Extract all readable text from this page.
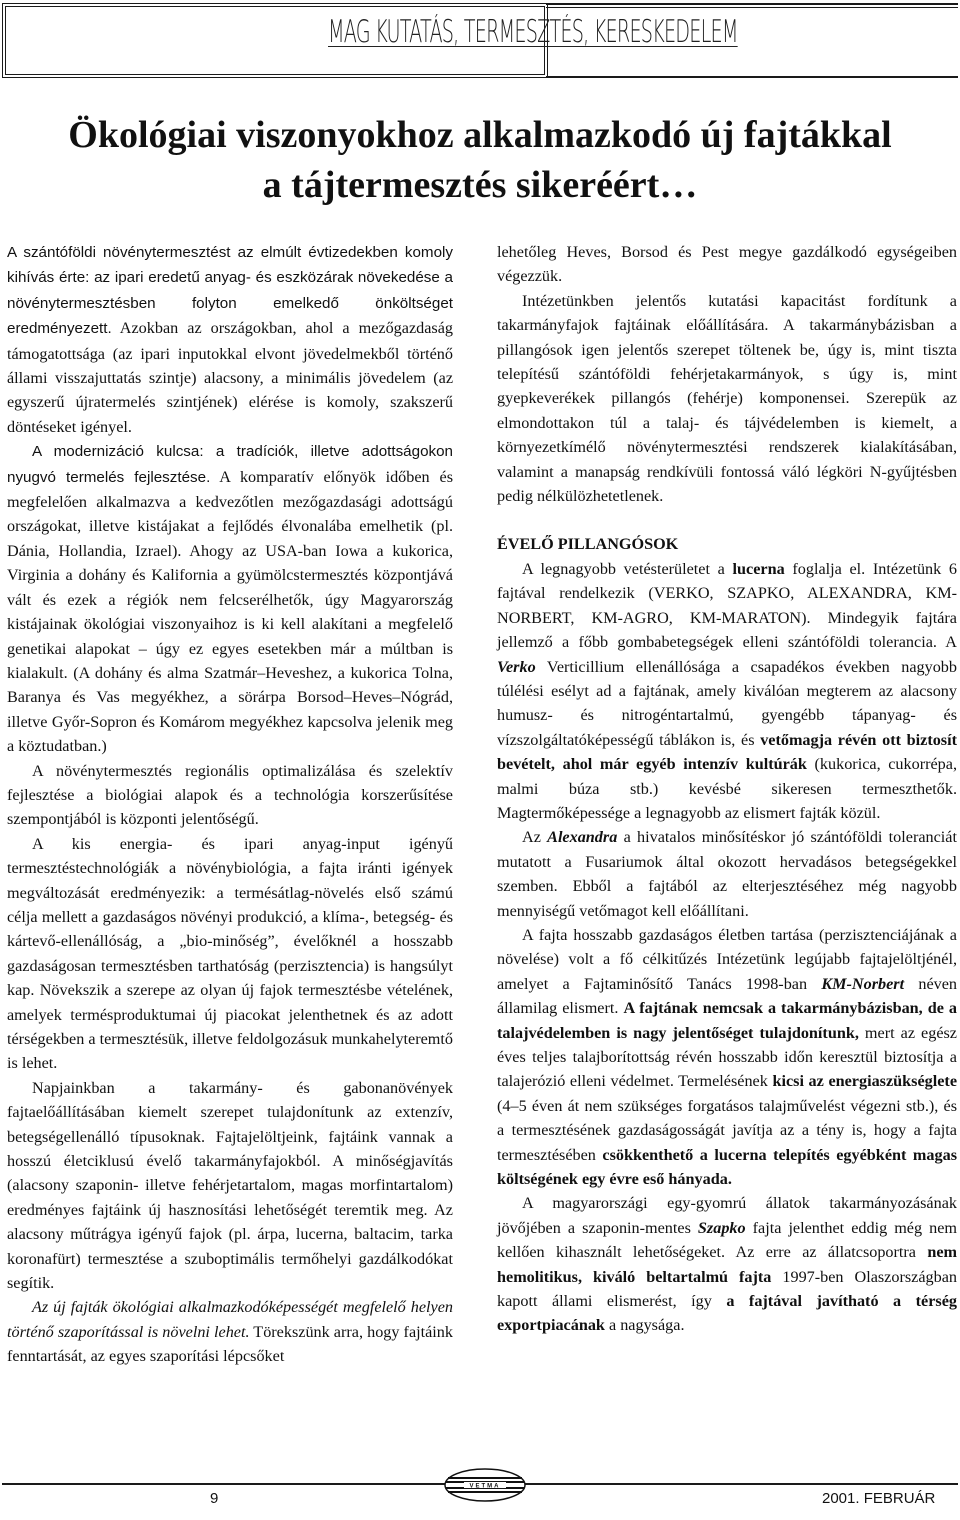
MAG KUTATÁS, TERMESZTÉS, KERESKEDELEM
Ökológiai viszonyokhoz alkalmazkodó új fajtákkal
a tájtermesztés sikeréért…

A szántóföldi növénytermesztést az elmúlt évtizedekben komoly kihívás érte: az ipari eredetű anyag- és eszközárak növekedése a növénytermesztésben folyton emelkedő önköltséget eredményezett. Azokban az országokban, ahol a mezőgazdaság támogatottsága (az ipari inputokkal elvont jövedelmekből történő állami visszajuttatás szintje) alacsony, a minimális jövedelem (az egyszerű újratermelés szintjének) elérése is komoly, szakszerű döntéseket igényel.

A modernizáció kulcsa: a tradíciók, illetve adottságokon nyugvó termelés fejlesztése. A komparatív előnyök időben és megfelelően alkalmazva a kedvezőtlen mezőgazdasági adottságú országokat, illetve kistájakat a fejlődés élvonalába emelhetik (pl. Dánia, Hollandia, Izrael). Ahogy az USA-ban Iowa a kukorica, Virginia a dohány és Kalifornia a gyümölcstermesztés központjává vált és ezek a régiók nem felcserélhetők, úgy Magyarország kistájainak ökológiai viszonyaihoz is ki kell alakítani a megfelelő genetikai alapokat – úgy ez egyes esetekben már a múltban is kialakult. (A dohány és alma Szatmár–Heveshez, a kukorica Tolna, Baranya és Vas megyékhez, a sörárpa Borsod–Heves–Nógrád, illetve Győr-Sopron és Komárom megyékhez kapcsolva jelenik meg a köztudatban.)

A növénytermesztés regionális optimalizálása és szelektív fejlesztése a biológiai alapok és a technológia korszerűsítése szempontjából is központi jelentőségű.

A kis energia- és ipari anyag-input igényű termesztéstechnológiák a növénybiológia, a fajta iránti igények megváltozását eredményezik: a termésátlag-növelés első számú célja mellett a gazdaságos növényi produkció, a klíma-, betegség- és kártevő-ellenállóság, a „bio-minőség”, évelőknél a hosszabb gazdaságosan termesztésben tarthatóság (perzisztencia) is hangsúlyt kap. Növekszik a szerepe az olyan új fajok termesztésbe vételének, amelyek termésproduktumai új piacokat jelenthetnek és az adott térségekben a termesztésük, illetve feldolgozásuk munkahelyteremtő is lehet.

Napjainkban a takarmány- és gabonanövények fajtaelőállításában kiemelt szerepet tulajdonítunk az extenzív, betegségellenálló típusoknak. Fajtajelöltjeink, fajtáink vannak a hosszú életciklusú évelő takarmányfajokból. A minőségjavítás (alacsony szaponin- illetve fehérjetartalom, magas morfintartalom) eredményes fajtáink új hasznosítási lehetőségét teremtik meg. Az alacsony műtrágya igényű fajok (pl. árpa, lucerna, baltacim, tarka koronafürt) termesztése a szuboptimális termőhelyi gazdálkodókat segítik.

Az új fajták ökológiai alkalmazkodóképességét megfelelő helyen történő szaporítással is növelni lehet. Törekszünk arra, hogy fajtáink fenntartását, az egyes szaporítási lépcsőket

lehetőleg Heves, Borsod és Pest megye gazdálkodó egységeiben végezzük.

Intézetünkben jelentős kutatási kapacitást fordítunk a takarmányfajok fajtáinak előállítására. A takarmánybázisban a pillangósok igen jelentős szerepet töltenek be, úgy is, mint tiszta telepítésű szántóföldi fehérjetakarmányok, s úgy is, mint gyepkeverékek pillangós (fehérje) komponensei. Szerepük az elmondottakon túl a talaj- és tájvédelemben is kiemelt, a környezetkímélő növénytermesztési rendszerek kialakításában, valamint a manapság rendkívüli fontossá váló légköri N-gyűjtésben pedig nélkülözhetetlenek.

ÉVELŐ PILLANGÓSOK

A legnagyobb vetésterületet a lucerna foglalja el. Intézetünk 6 fajtával rendelkezik (VERKO, SZAPKO, ALEXANDRA, KM-NORBERT, KM-AGRO, KM-MARATON). Mindegyik fajtára jellemző a főbb gombabetegségek elleni szántóföldi tolerancia. A Verko Verticillium ellenállósága a csapadékos években nagyobb túlélési esélyt ad a fajtának, amely kiválóan megterem az alacsony humusz- és nitrogéntartalmú, gyengébb tápanyag- és vízszolgáltatóképességű táblákon is, és vetőmagja révén ott biztosít bevételt, ahol már egyéb intenzív kultúrák (kukorica, cukorrépa, malmi búza stb.) kevésbé sikeresen termeszthetők. Magtermőképessége a legnagyobb az elismert fajták közül.

Az Alexandra a hivatalos minősítéskor jó szántóföldi toleranciát mutatott a Fusariumok által okozott hervadásos betegségekkel szemben. Ebből a fajtából az elterjesztéséhez még nagyobb mennyiségű vetőmagot kell előállítani.

A fajta hosszabb gazdaságos életben tartása (perzisztenciájának a növelése) volt a fő célkitűzés Intézetünk legújabb fajtajelöltjénél, amelyet a Fajtaminősítő Tanács 1998-ban KM-Norbert néven államilag elismert. A fajtának nemcsak a takarmánybázisban, de a talajvédelemben is nagy jelentőséget tulajdonítunk, mert az egész éves teljes talajborítottság révén hosszabb időn keresztül biztosítja a talajerózió elleni védelmet. Termelésének kicsi az energiaszükséglete (4–5 éven át nem szükséges forgatásos talajművelést végezni stb.), és a termesztésének gazdaságosságát javítja az a tény is, hogy a fajta termesztésében csökkenthető a lucerna telepítés egyébként magas költségének egy évre eső hányada.

A magyarországi egy-gyomrú állatok takarmányozásának jövőjében a szaponin-mentes Szapko fajta jelenthet eddig még nem kellően kihasznált lehetőségeket. Az erre az állatcsoportra nem hemolitikus, kiváló beltartalmú fajta 1997-ben Olaszországban kapott állami elismerést, így a fajtával javítható a térség exportpiacának a nagysága.

9
VETMA
2001. FEBRUÁR
